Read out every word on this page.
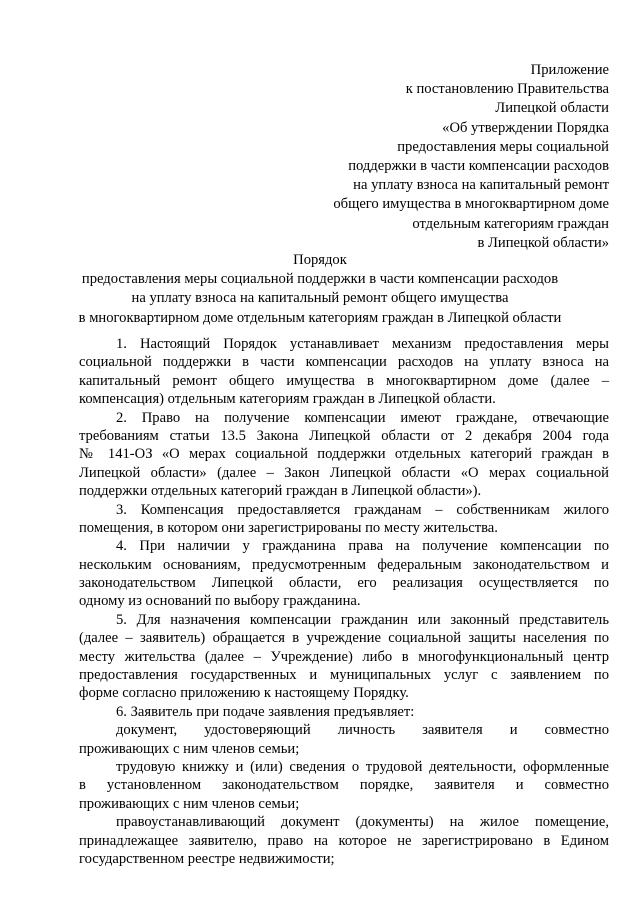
Приложение
к постановлению Правительства
Липецкой области
«Об утверждении Порядка
предоставления меры социальной
поддержки в части компенсации расходов
на уплату взноса на капитальный ремонт
общего имущества в многоквартирном доме
отдельным категориям граждан
в Липецкой области»
Порядок
предоставления меры социальной поддержки в части компенсации расходов
на уплату взноса на капитальный ремонт общего имущества
в многоквартирном доме отдельным категориям граждан в Липецкой области
1. Настоящий Порядок устанавливает механизм предоставления меры
социальной поддержки в части компенсации расходов на уплату взноса на
капитальный ремонт общего имущества в многоквартирном доме (далее –
компенсация) отдельным категориям граждан в Липецкой области.
2. Право на получение компенсации имеют граждане, отвечающие
требованиям статьи 13.5 Закона Липецкой области от 2 декабря 2004 года
№ 141-ОЗ «О мерах социальной поддержки отдельных категорий граждан в
Липецкой области» (далее – Закон Липецкой области «О мерах социальной
поддержки отдельных категорий граждан в Липецкой области»).
3. Компенсация предоставляется гражданам – собственникам жилого
помещения, в котором они зарегистрированы по месту жительства.
4. При наличии у гражданина права на получение компенсации по
нескольким основаниям, предусмотренным федеральным законодательством и
законодательством Липецкой области, его реализация осуществляется по
одному из оснований по выбору гражданина.
5. Для назначения компенсации гражданин или законный представитель
(далее – заявитель) обращается в учреждение социальной защиты населения по
месту жительства (далее – Учреждение) либо в многофункциональный центр
предоставления государственных и муниципальных услуг с заявлением по
форме согласно приложению к настоящему Порядку.
6. Заявитель при подаче заявления предъявляет:
документ, удостоверяющий личность заявителя и совместно
проживающих с ним членов семьи;
трудовую книжку и (или) сведения о трудовой деятельности, оформленные
в установленном законодательством порядке, заявителя и совместно
проживающих с ним членов семьи;
правоустанавливающий документ (документы) на жилое помещение,
принадлежащее заявителю, право на которое не зарегистрировано в Едином
государственном реестре недвижимости;
